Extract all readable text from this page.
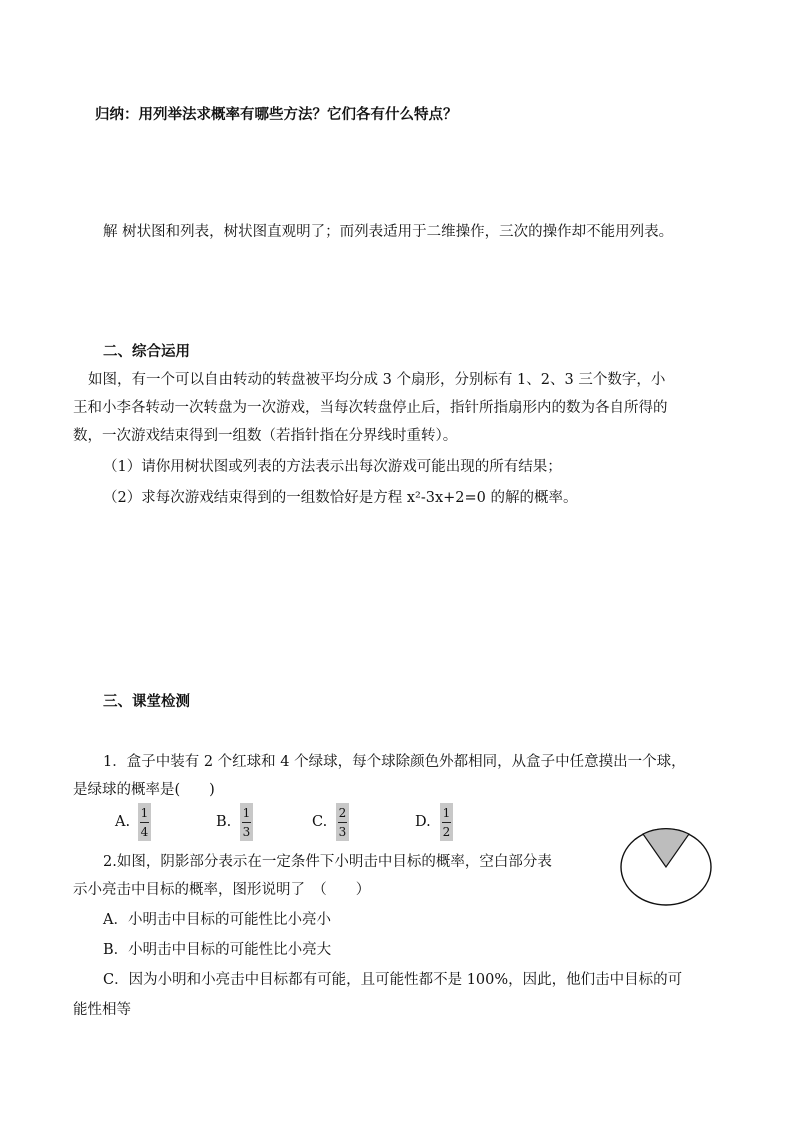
归纳：用列举法求概率有哪些方法？它们各有什么特点？

解 树状图和列表，树状图直观明了；而列表适用于二维操作，三次的操作却不能用列表。

二、综合运用

如图，有一个可以自由转动的转盘被平均分成 3 个扇形，分别标有 1、2、3 三个数字，小

王和小李各转动一次转盘为一次游戏，当每次转盘停止后，指针所指扇形内的数为各自所得的

数，一次游戏结束得到一组数（若指针指在分界线时重转）。

（1）请你用树状图或列表的方法表示出每次游戏可能出现的所有结果；

（2）求每次游戏结束得到的一组数恰好是方程 x²-3x+2=0 的解的概率。

三、课堂检测

1．盒子中装有 2 个红球和 4 个绿球，每个球除颜色外都相同，从盒子中任意摸出一个球，

是绿球的概率是(　　)

A.
1
4
B.
1
3
C.
2
3
D.
1
2

2.如图，阴影部分表示在一定条件下小明击中目标的概率，空白部分表

示小亮击中目标的概率，图形说明了　（　　）

A．小明击中目标的可能性比小亮小

B．小明击中目标的可能性比小亮大

C．因为小明和小亮击中目标都有可能，且可能性都不是 100%，因此，他们击中目标的可

能性相等
